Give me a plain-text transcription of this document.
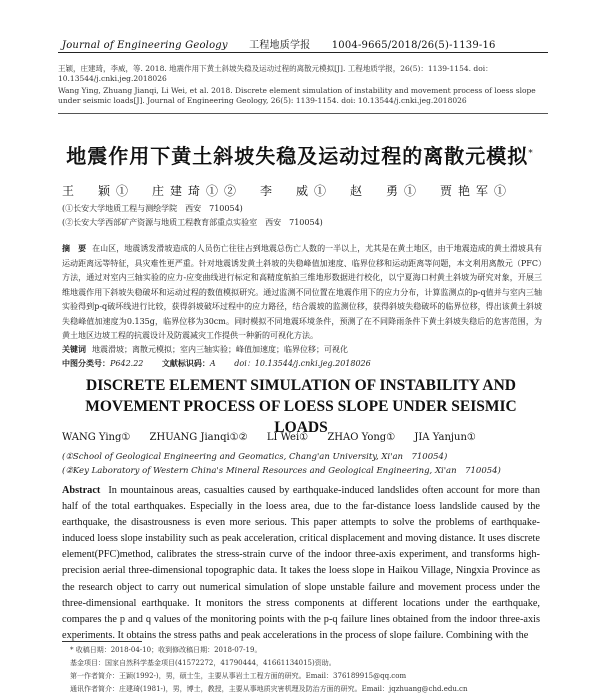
Journal of Engineering Geology 工程地质学报 1004-9665/2018/26(5)-1139-16
王颖，庄建琦，李威，等. 2018. 地震作用下黄土斜坡失稳及运动过程的离散元模拟[J]. 工程地质学报，26(5)：1139-1154. doi：10.13544/j.cnki.jeg.2018026
Wang Ying, Zhuang Jianqi, Li Wei, et al. 2018. Discrete element simulation of instability and movement process of loess slope under seismic loads[J]. Journal of Engineering Geology, 26(5): 1139-1154. doi: 10.13544/j.cnki.jeg.2018026
地震作用下黄土斜坡失稳及运动过程的离散元模拟*
王　颖①　庄建琦①②　李　威①　赵　勇①　贾艳军①
(①长安大学地质工程与测绘学院　西安　710054)
(②长安大学西部矿产资源与地质工程教育部重点实验室　西安　710054)
摘　要 在山区，地震诱发滑坡造成的人员伤亡往往占到地震总伤亡人数的一半以上，尤其是在黄土地区，由于地震造成的黄土滑坡具有运动距离远等特征，具灾难性更严重。针对地震诱发黄土斜坡的失稳峰值加速度、临界位移和运动距离等问题，本文利用离散元（PFC）方法，通过对室内三轴实验的应力-应变曲线进行标定和高精度航拍三维地形数据进行校化，以宁夏海口村黄土斜坡为研究对象，开展三维地震作用下斜坡失稳破坏和运动过程的数值模拟研究。通过监测不同位置在地震作用下的应力分布，计算监测点的p-q值并与室内三轴实验得到p-q破坏线进行比较，获得斜坡破坏过程中的应力路径，结合震坡的监测位移，获得斜坡失稳破坏的临界位移，得出该黄土斜坡失稳峰值加速度为0.135g，临界位移为30cm。同时模拟不同地震环境条件，预测了在不同降雨条件下黄土斜坡失稳后的危害范围，为黄土地区边坡工程的抗震设计及防震减灾工作提供一种新的可视化方法。
关键词 地震滑坡；离散元模拟；室内三轴实验；峰值加速度；临界位移；可视化
中图分类号：P642.22 文献标识码：A doi：10.13544/j.cnki.jeg.2018026
DISCRETE ELEMENT SIMULATION OF INSTABILITY AND MOVEMENT PROCESS OF LOESS SLOPE UNDER SEISMIC LOADS
WANG Ying① ZHUANG Jianqi①② LI Wei① ZHAO Yong① JIA Yanjun①
(①School of Geological Engineering and Geomatics, Chang'an University, Xi'an　710054)
(②Key Laboratory of Western China's Mineral Resources and Geological Engineering, Xi'an　710054)
Abstract In mountainous areas, casualties caused by earthquake-induced landslides often account for more than half of the total earthquakes. Especially in the loess area, due to the far-distance loess landslide caused by the earthquake, the disastrousness is even more serious. This paper attempts to solve the problems of earthquake-induced loess slope instability such as peak acceleration, critical displacement and moving distance. It uses discrete element(PFC)method, calibrates the stress-strain curve of the indoor three-axis experiment, and transforms high-precision aerial three-dimensional topographic data. It takes the loess slope in Haikou Village, Ningxia Province as the research object to carry out numerical simulation of slope unstable failure and movement process under the three-dimensional earthquake. It monitors the stress components at different locations under the earthquake, compares the p and q values of the monitoring points with the p-q failure lines obtained from the indoor three-axis experiments. It obtains the stress paths and peak accelerations in the process of slope failure. Combining with the
* 收稿日期：2018-04-10；收到修改稿日期：2018-07-19。
基金项目：国家自然科学基金项目(41572272，41790444，41661134015)资助。
第一作者简介：王颖(1992-)，男，硕士生，主要从事岩土工程方面的研究。Email：376189915@qq.com
通讯作者简介：庄建琦(1981-)，男，博士，教授，主要从事地质灾害机理及防治方面的研究。Email：jqzhuang@chd.edu.cn
